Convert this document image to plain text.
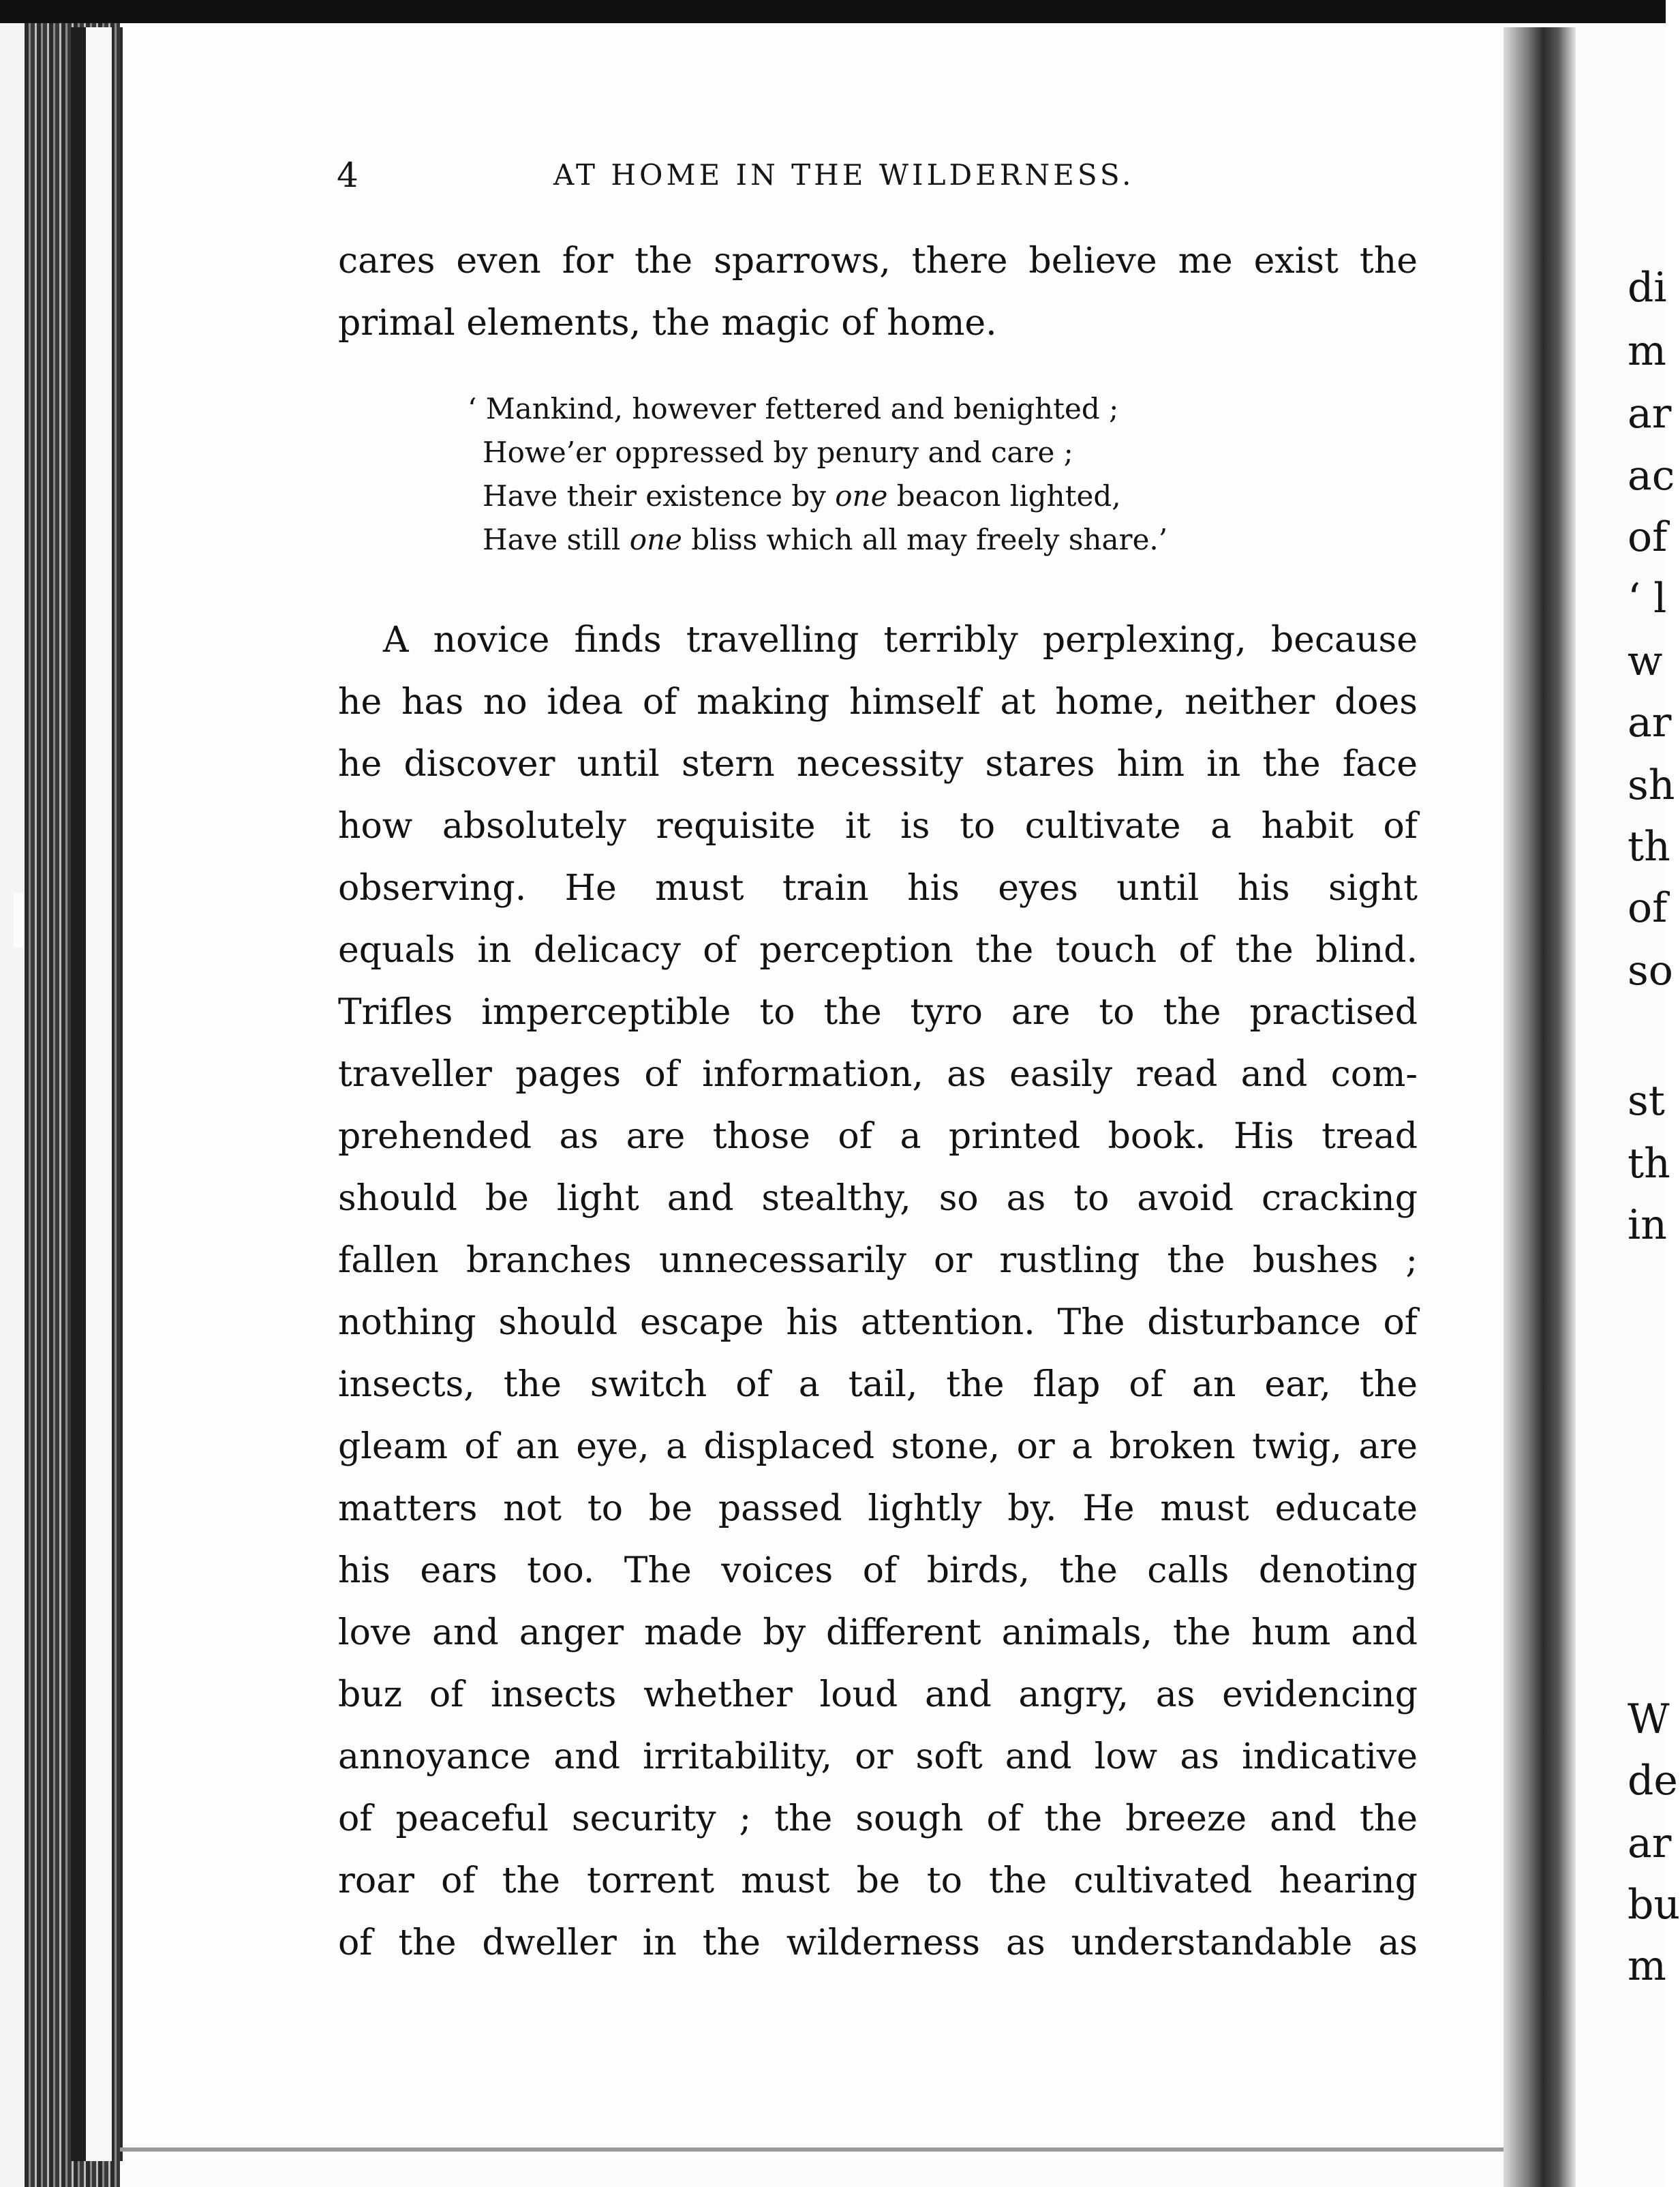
di
m
ar
ac
of
‘ l
w
ar
sh
th
of
so
st
th
in
W
de
ar
bu
m
4	AT HOME IN THE WILDERNESS.
cares even for the sparrows, there believe me exist the
primal elements, the magic of home.
‘ Mankind, however fettered and benighted ;
Howe’er oppressed by penury and care ;
Have their existence by one beacon lighted,
Have still one bliss which all may freely share.’
A novice finds travelling terribly perplexing, because
he has no idea of making himself at home, neither does
he discover until stern necessity stares him in the face
how absolutely requisite it is to cultivate a habit of
observing. He must train his eyes until his sight
equals in delicacy of perception the touch of the blind.
Trifles imperceptible to the tyro are to the practised
traveller pages of information, as easily read and com-
prehended as are those of a printed book. His tread
should be light and stealthy, so as to avoid cracking
fallen branches unnecessarily or rustling the bushes ;
nothing should escape his attention. The disturbance of
insects, the switch of a tail, the flap of an ear, the
gleam of an eye, a displaced stone, or a broken twig, are
matters not to be passed lightly by. He must educate
his ears too. The voices of birds, the calls denoting
love and anger made by different animals, the hum and
buz of insects whether loud and angry, as evidencing
annoyance and irritability, or soft and low as indicative
of peaceful security ; the sough of the breeze and the
roar of the torrent must be to the cultivated hearing
of the dweller in the wilderness as understandable as
